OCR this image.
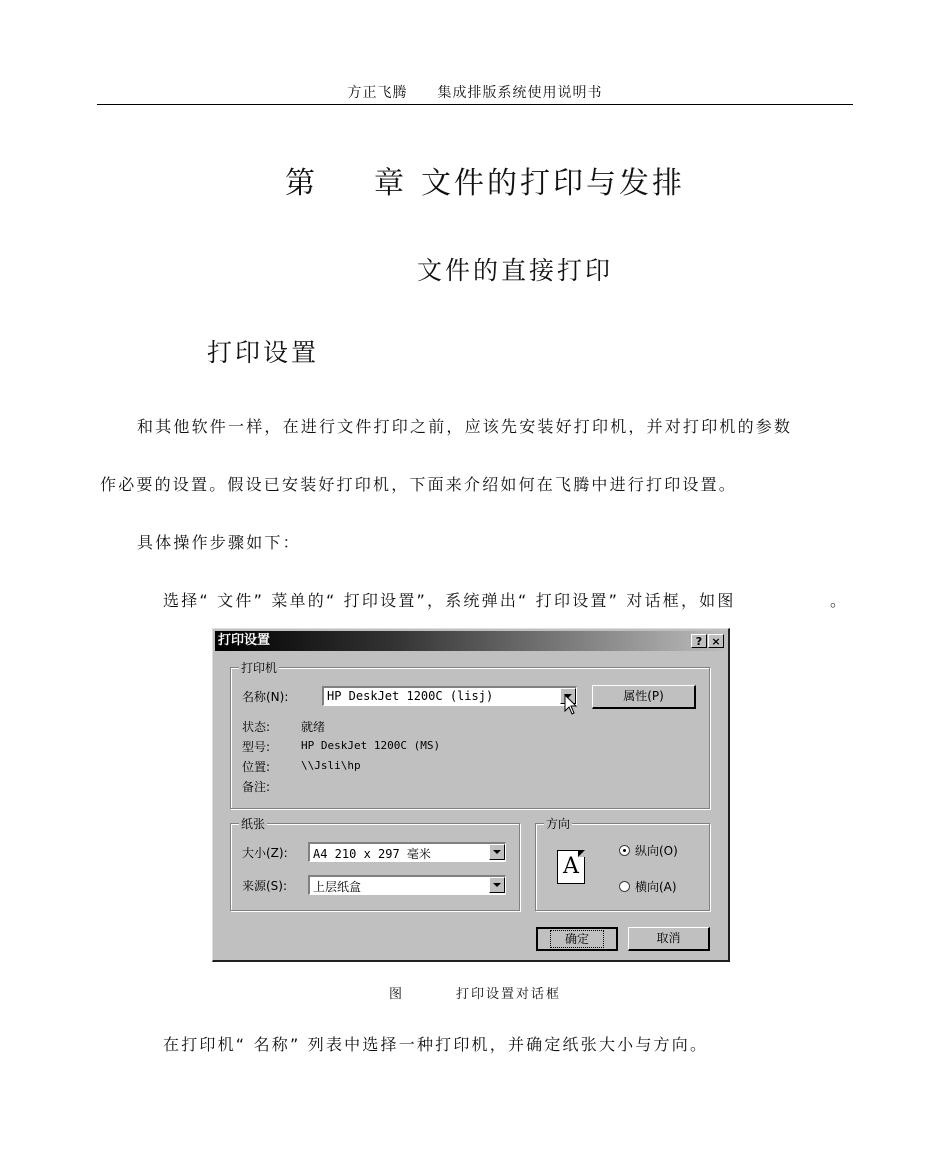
方正飞腾 集成排版系统使用说明书
第 章 文件的打印与发排
文件的直接打印
打印设置
和其他软件一样，在进行文件打印之前，应该先安装好打印机，并对打印机的参数
作必要的设置。假设已安装好打印机，下面来介绍如何在飞腾中进行打印设置。
具体操作步骤如下：
选择“ 文件” 菜单的“ 打印设置”，系统弹出“ 打印设置” 对话框，如图	。
打印设置	? ×
打印机
名称(N):	HP DeskJet 1200C (lisj)	属性(P)
状态:	就绪
型号:	HP DeskJet 1200C (MS)
位置:	\\Jsli\hp
备注:
纸张
大小(Z): A4 210 x 297 毫米
来源(S): 上层纸盒
方向
A
纵向(O)
横向(A)
确定	取消
图	打印设置对话框
在打印机“ 名称” 列表中选择一种打印机，并确定纸张大小与方向。
